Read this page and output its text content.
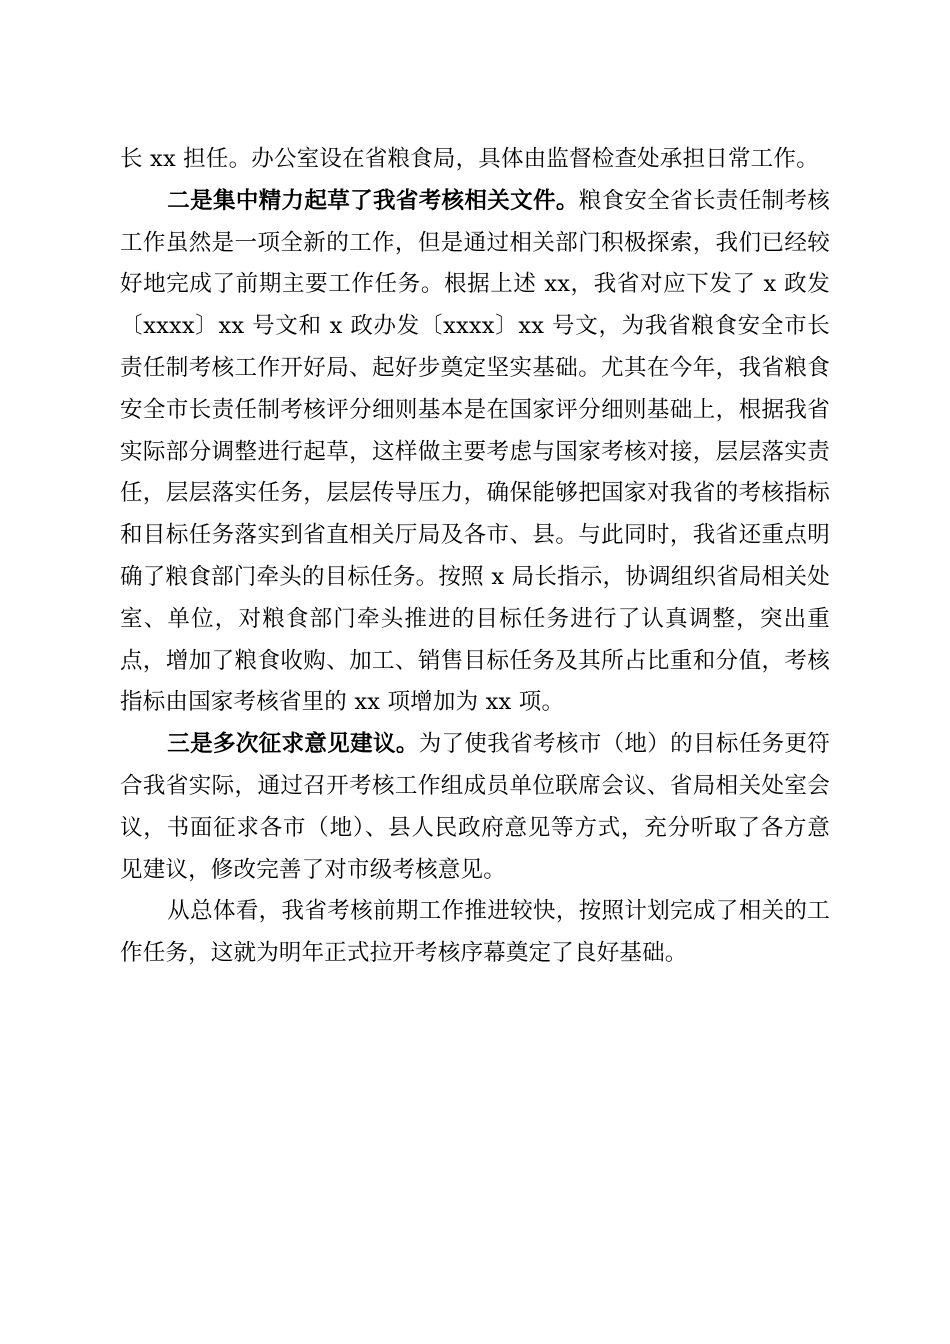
长 xx 担任。办公室设在省粮食局，具体由监督检查处承担日常工作。

二是集中精力起草了我省考核相关文件。粮食安全省长责任制考核工作虽然是一项全新的工作，但是通过相关部门积极探索，我们已经较好地完成了前期主要工作任务。根据上述 xx，我省对应下发了 x 政发〔xxxx〕xx 号文和 x 政办发〔xxxx〕xx 号文，为我省粮食安全市长责任制考核工作开好局、起好步奠定坚实基础。尤其在今年，我省粮食安全市长责任制考核评分细则基本是在国家评分细则基础上，根据我省实际部分调整进行起草，这样做主要考虑与国家考核对接，层层落实责任，层层落实任务，层层传导压力，确保能够把国家对我省的考核指标和目标任务落实到省直相关厅局及各市、县。与此同时，我省还重点明确了粮食部门牵头的目标任务。按照 x 局长指示，协调组织省局相关处室、单位，对粮食部门牵头推进的目标任务进行了认真调整，突出重点，增加了粮食收购、加工、销售目标任务及其所占比重和分值，考核指标由国家考核省里的 xx 项增加为 xx 项。

三是多次征求意见建议。为了使我省考核市（地）的目标任务更符合我省实际，通过召开考核工作组成员单位联席会议、省局相关处室会议，书面征求各市（地）、县人民政府意见等方式，充分听取了各方意见建议，修改完善了对市级考核意见。

从总体看，我省考核前期工作推进较快，按照计划完成了相关的工作任务，这就为明年正式拉开考核序幕奠定了良好基础。
